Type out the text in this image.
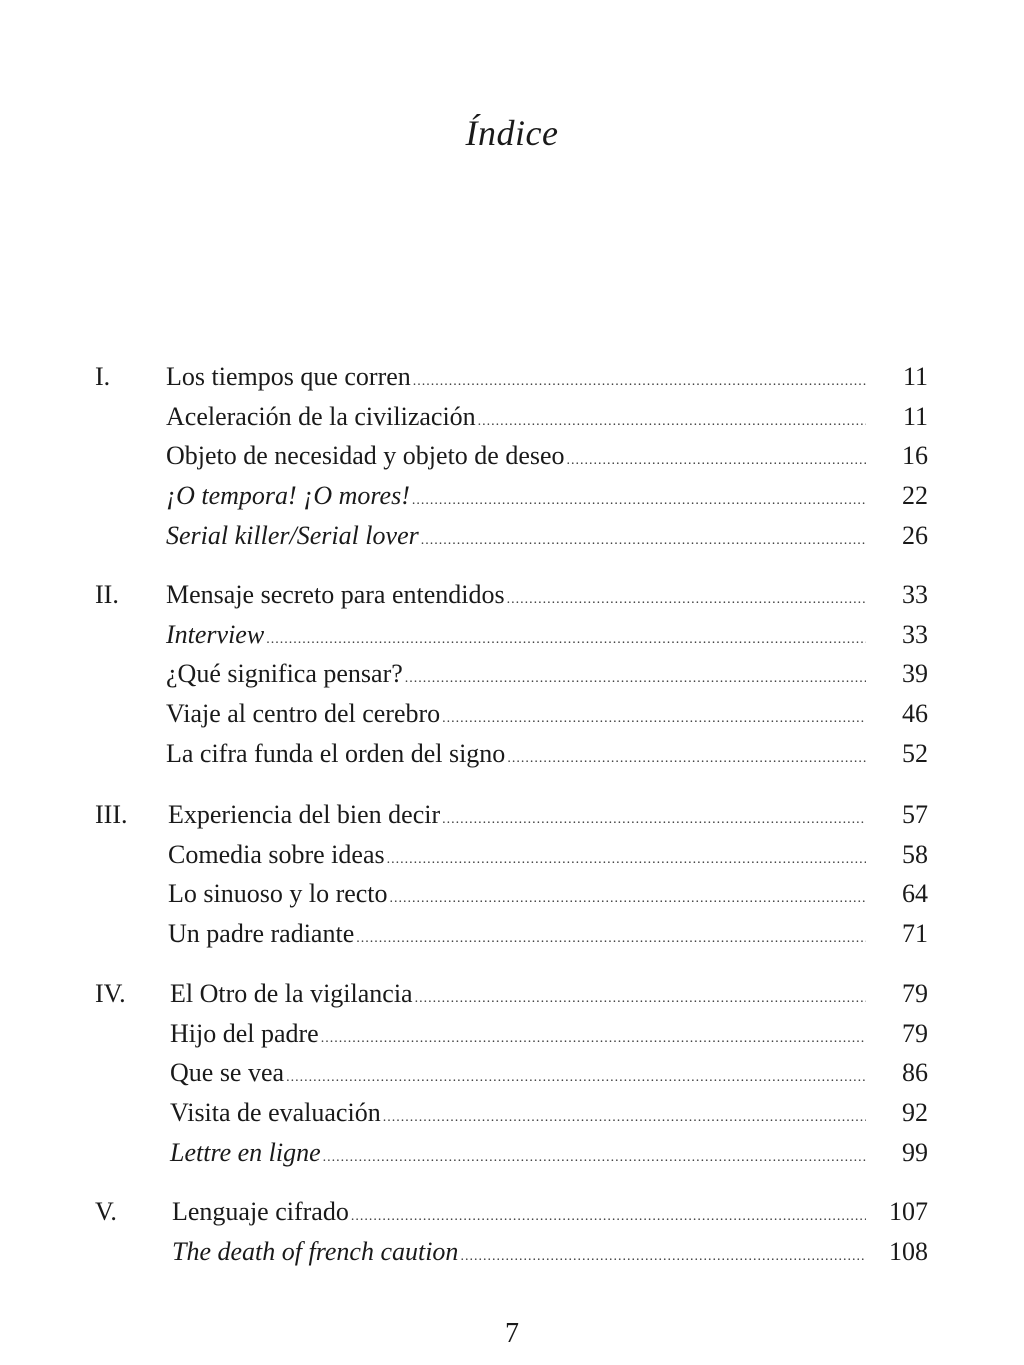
Índice
I.	Los tiempos que corren .....	11
Aceleración de la civilización .....	11
Objeto de necesidad y objeto de deseo .....	16
¡O tempora! ¡O mores! .....	22
Serial killer/Serial lover .....	26
II.	Mensaje secreto para entendidos .....	33
Interview .....	33
¿Qué significa pensar? .....	39
Viaje al centro del cerebro .....	46
La cifra funda el orden del signo .....	52
III.	Experiencia del bien decir .....	57
Comedia sobre ideas .....	58
Lo sinuoso y lo recto .....	64
Un padre radiante .....	71
IV.	El Otro de la vigilancia .....	79
Hijo del padre .....	79
Que se vea .....	86
Visita de evaluación .....	92
Lettre en ligne .....	99
V.	Lenguaje cifrado .....	107
The death of french caution .....	108
7
